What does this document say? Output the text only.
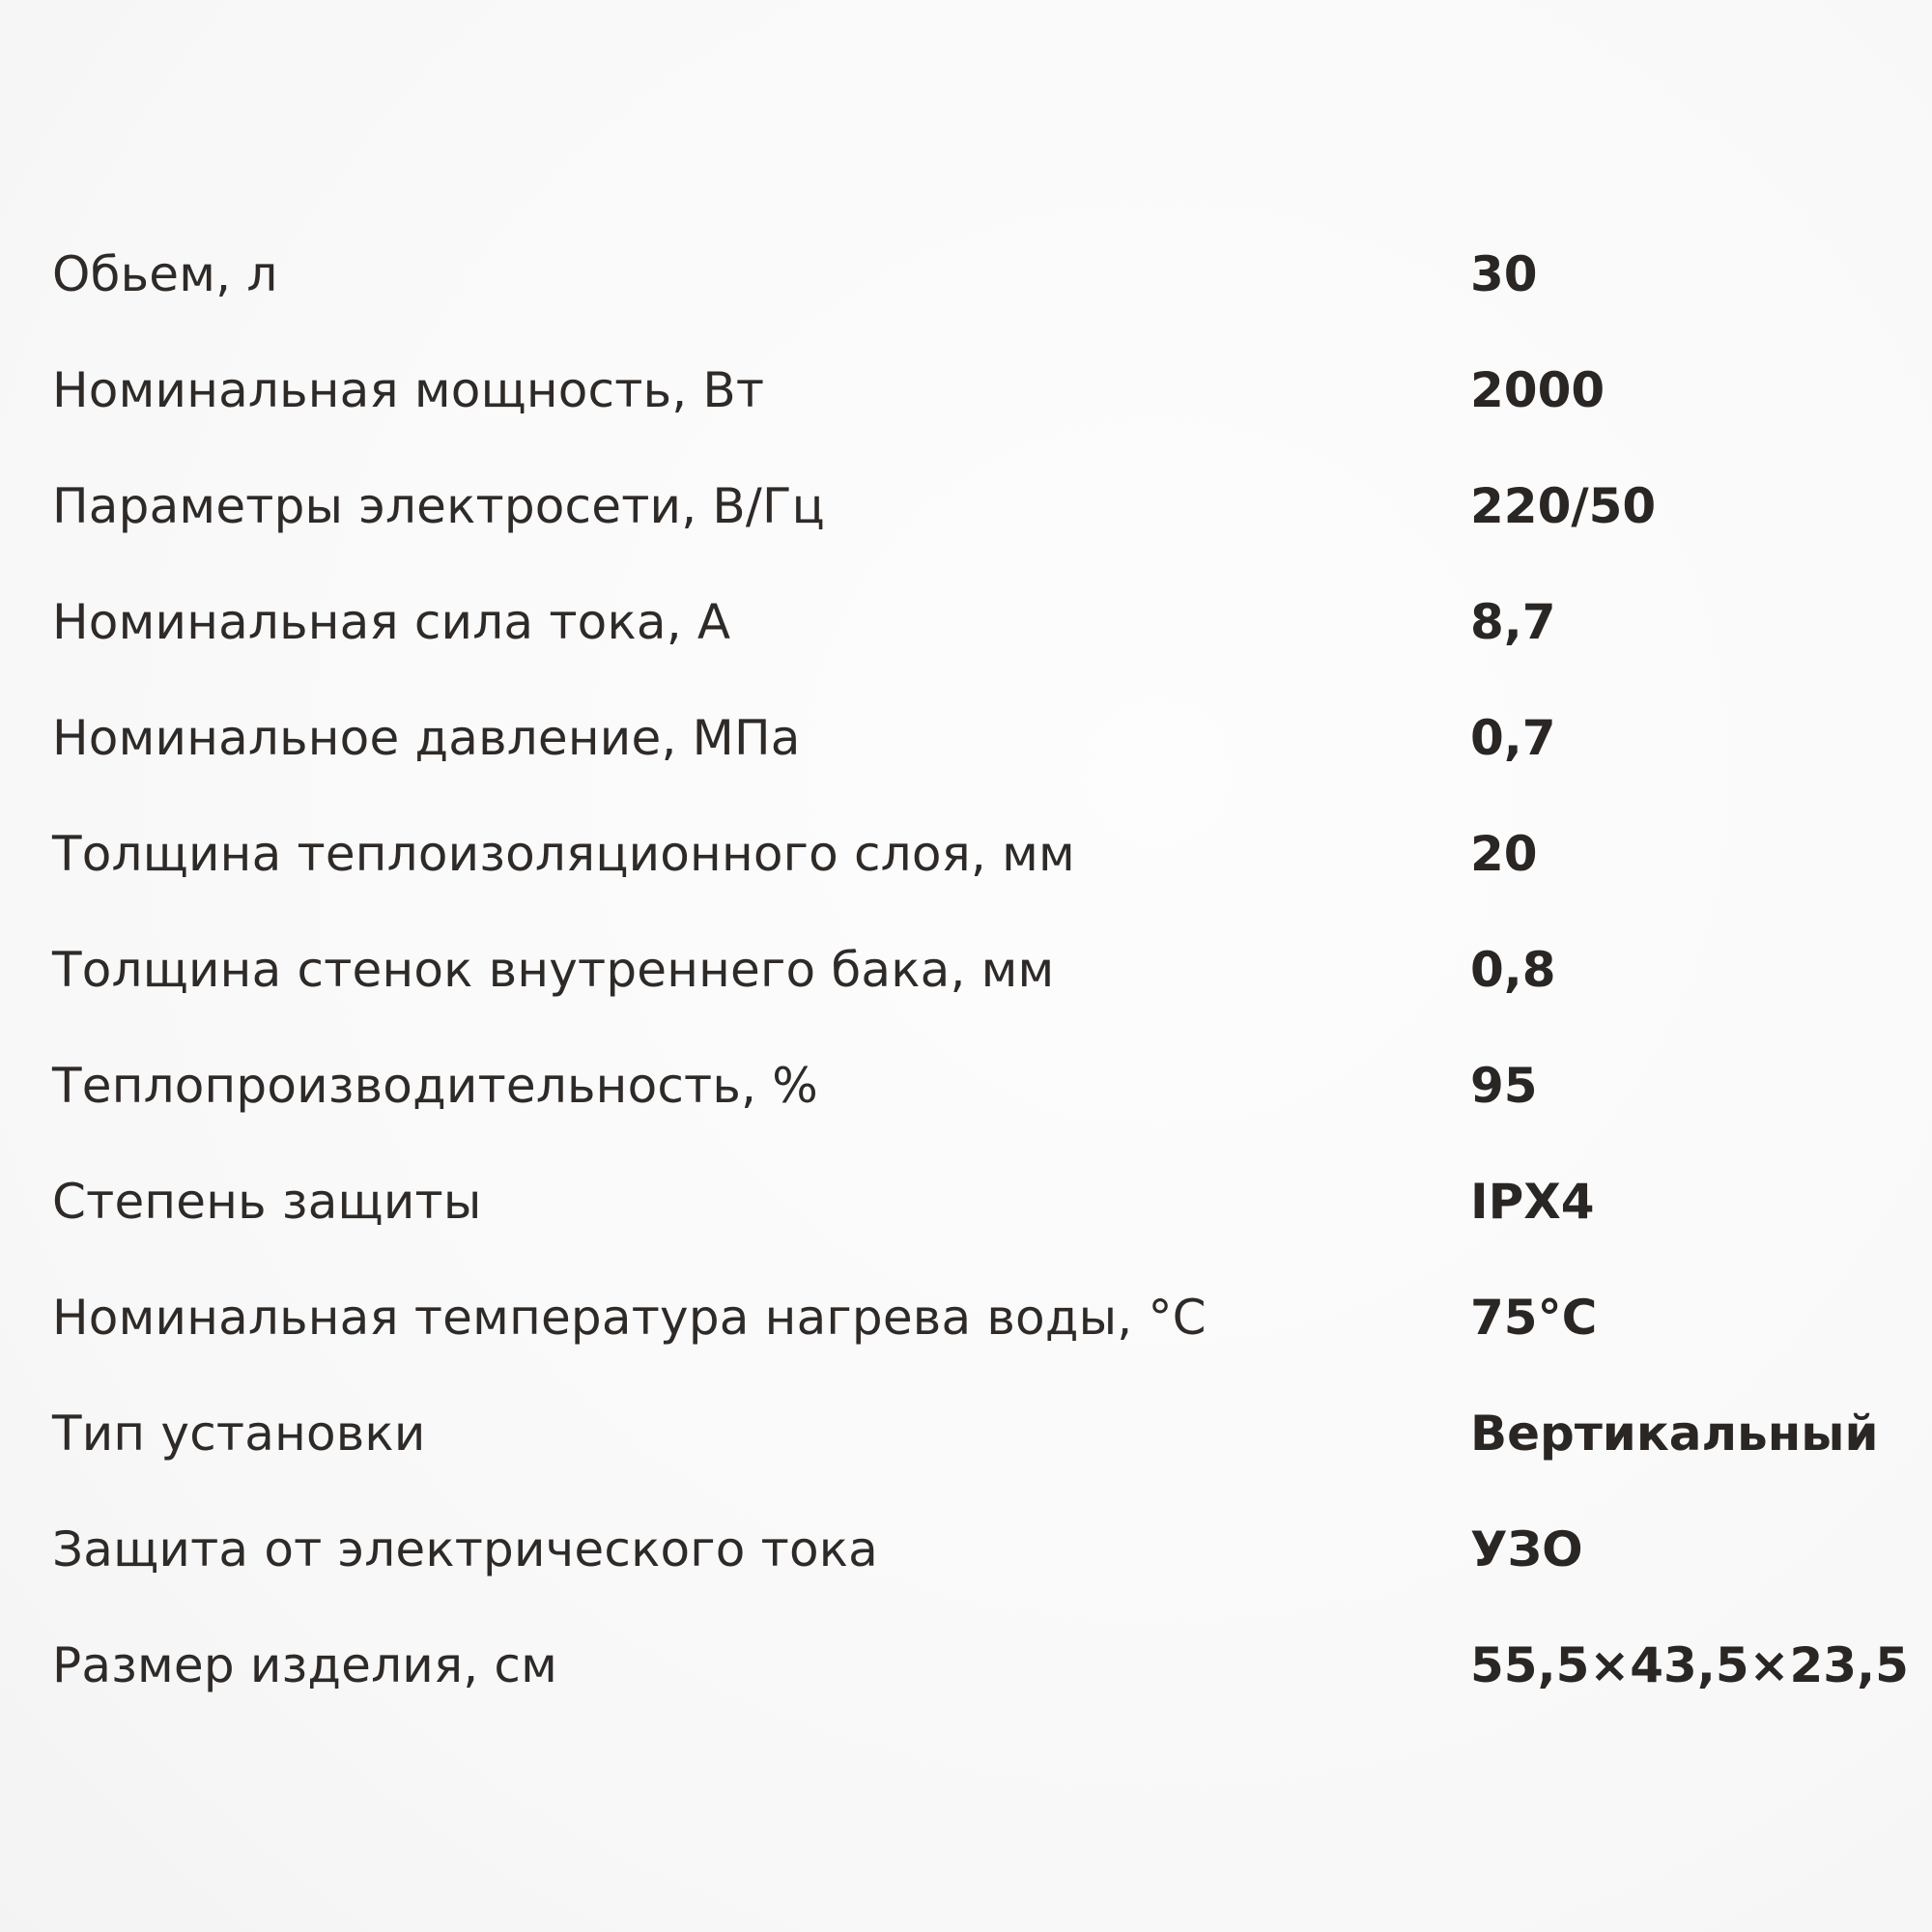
Обьем, л	30
Номинальная мощность, Вт	2000
Параметры электросети, В/Гц	220/50
Номинальная сила тока, А	8,7
Номинальное давление, МПа	0,7
Толщина теплоизоляционного слоя, мм	20
Толщина стенок внутреннего бака, мм	0,8
Теплопроизводительность, %	95
Степень защиты	IPX4
Номинальная температура нагрева воды, °С	75°С
Тип установки	Вертикальный
Защита от электрического тока	УЗО
Размер изделия, см	55,5×43,5×23,5
